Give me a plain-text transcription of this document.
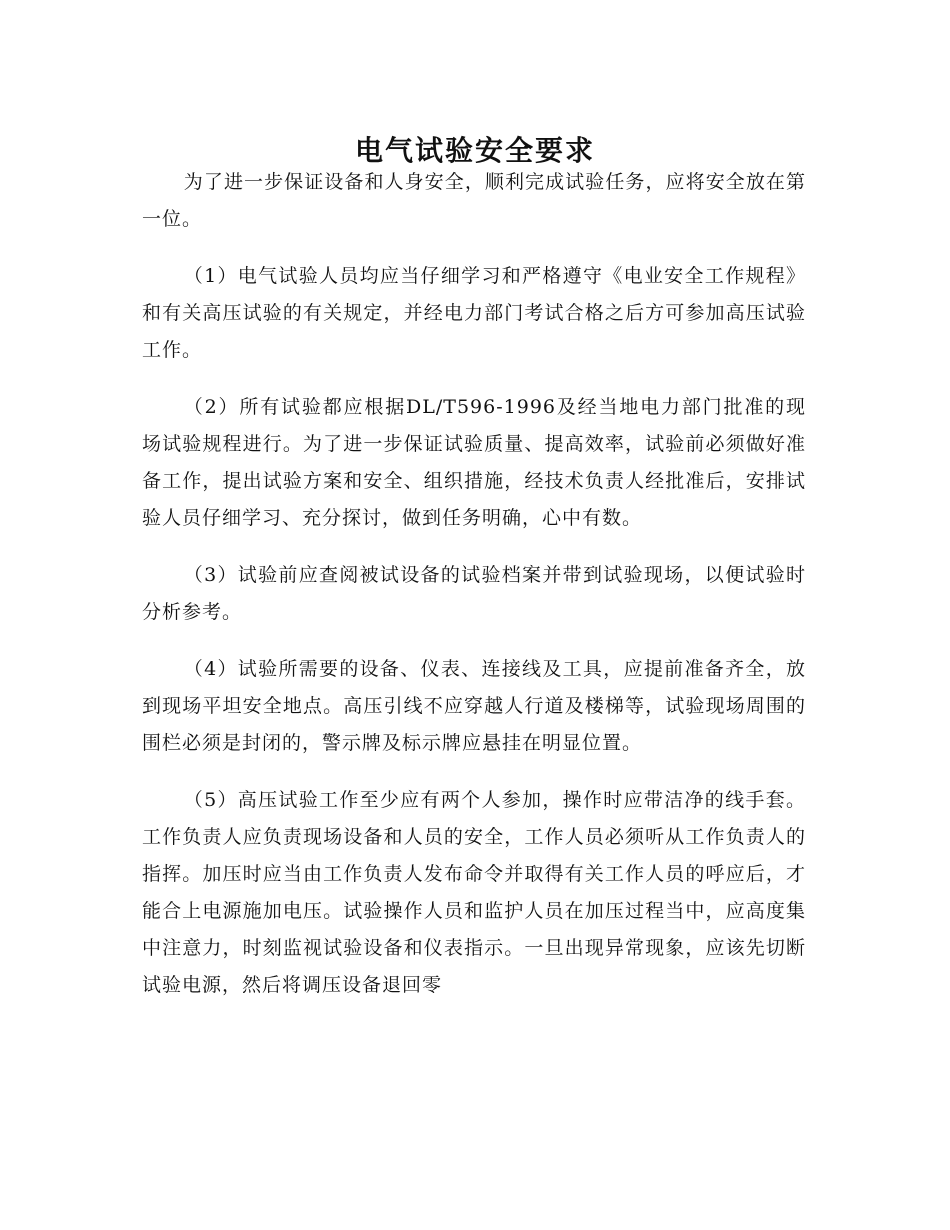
电气试验安全要求

为了进一步保证设备和人身安全，顺利完成试验任务，应将安全放在第一位。

（1）电气试验人员均应当仔细学习和严格遵守《电业安全工作规程》和有关高压试验的有关规定，并经电力部门考试合格之后方可参加高压试验工作。

（2）所有试验都应根据DL/T596-1996及经当地电力部门批准的现场试验规程进行。为了进一步保证试验质量、提高效率，试验前必须做好准备工作，提出试验方案和安全、组织措施，经技术负责人经批准后，安排试验人员仔细学习、充分探讨，做到任务明确，心中有数。

（3）试验前应查阅被试设备的试验档案并带到试验现场，以便试验时分析参考。

（4）试验所需要的设备、仪表、连接线及工具，应提前准备齐全，放到现场平坦安全地点。高压引线不应穿越人行道及楼梯等，试验现场周围的围栏必须是封闭的，警示牌及标示牌应悬挂在明显位置。

（5）高压试验工作至少应有两个人参加，操作时应带洁净的线手套。工作负责人应负责现场设备和人员的安全，工作人员必须听从工作负责人的指挥。加压时应当由工作负责人发布命令并取得有关工作人员的呼应后，才能合上电源施加电压。试验操作人员和监护人员在加压过程当中，应高度集中注意力，时刻监视试验设备和仪表指示。一旦出现异常现象，应该先切断试验电源，然后将调压设备退回零
